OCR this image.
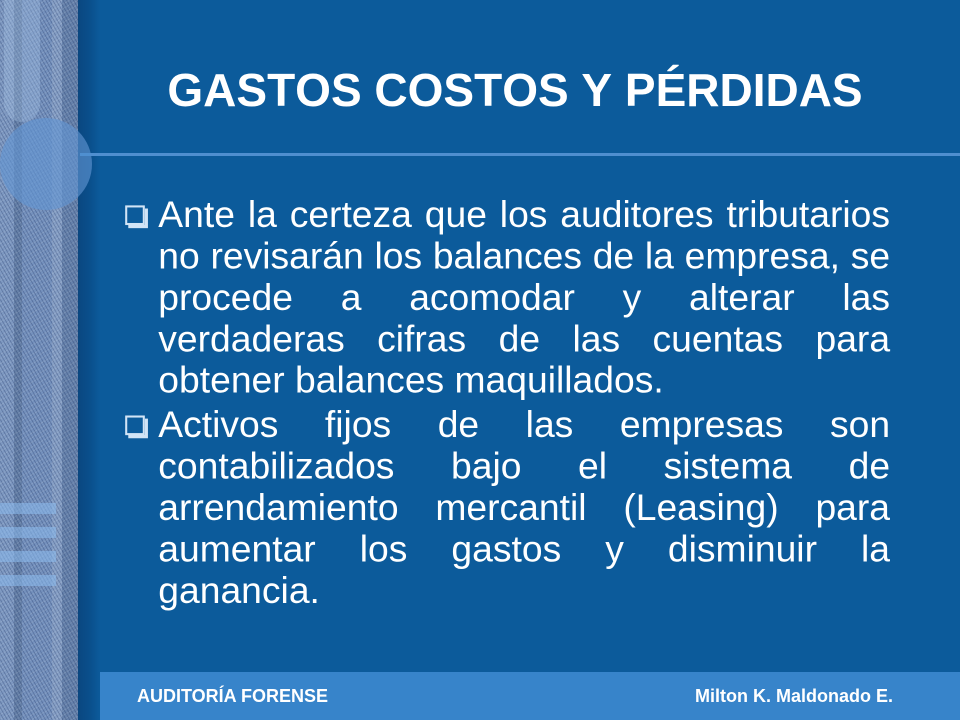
GASTOS COSTOS Y PÉRDIDAS

Ante la certeza que los auditores tributarios no revisarán los balances de la empresa, se procede a acomodar y alterar las verdaderas cifras de las cuentas para obtener balances maquillados.

Activos fijos de las empresas son contabilizados bajo el sistema de arrendamiento mercantil (Leasing) para aumentar los gastos y disminuir la ganancia.

AUDITORÍA FORENSE	Milton K. Maldonado E.
